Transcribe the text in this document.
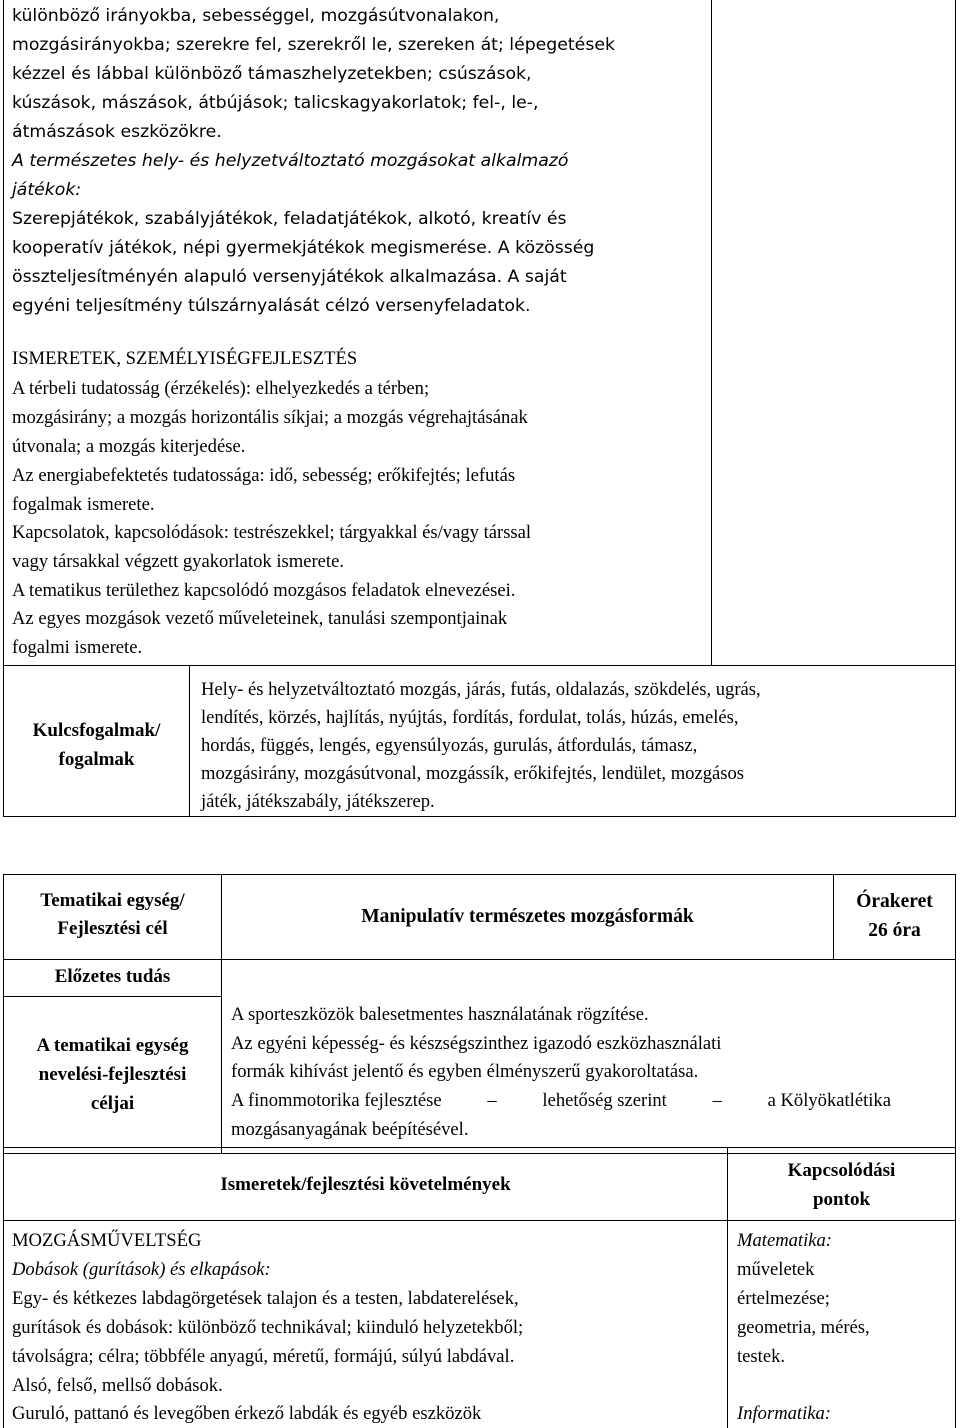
különböző irányokba, sebességgel, mozgásútvonalakon,
mozgásirányokba; szerekre fel, szerekről le, szereken át; lépegetések
kézzel és lábbal különböző támaszhelyzetekben; csúszások,
kúszások, mászások, átbújások; talicskagyakorlatok; fel-, le-,
átmászások eszközökre.
A természetes hely- és helyzetváltoztató mozgásokat alkalmazó
játékok:
Szerepjátékok, szabályjátékok, feladatjátékok, alkotó, kreatív és
kooperatív játékok, népi gyermekjátékok megismerése. A közösség
összteljesítményén alapuló versenyjátékok alkalmazása. A saját
egyéni teljesítmény túlszárnyalását célzó versenyfeladatok.
ISMERETEK, SZEMÉLYISÉGFEJLESZTÉS
A térbeli tudatosság (érzékelés): elhelyezkedés a térben;
mozgásirány; a mozgás horizontális síkjai; a mozgás végrehajtásának
útvonala; a mozgás kiterjedése.
Az energiabefektetés tudatossága: idő, sebesség; erőkifejtés; lefutás
fogalmak ismerete.
Kapcsolatok, kapcsolódások: testrészekkel; tárgyakkal és/vagy társsal
vagy társakkal végzett gyakorlatok ismerete.
A tematikus területhez kapcsolódó mozgásos feladatok elnevezései.
Az egyes mozgások vezető műveleteinek, tanulási szempontjainak
fogalmi ismerete.
Kulcsfogalmak/
fogalmak
Hely- és helyzetváltoztató mozgás, járás, futás, oldalazás, szökdelés, ugrás,
lendítés, körzés, hajlítás, nyújtás, fordítás, fordulat, tolás, húzás, emelés,
hordás, függés, lengés, egyensúlyozás, gurulás, átfordulás, támasz,
mozgásirány, mozgásútvonal, mozgássík, erőkifejtés, lendület, mozgásos
játék, játékszabály, játékszerep.
Tematikai egység/
Fejlesztési cél
Manipulatív természetes mozgásformák
Órakeret
26 óra
Előzetes tudás
A tematikai egység
nevelési-fejlesztési
céljai
A sporteszközök balesetmentes használatának rögzítése.
Az egyéni képesség- és készségszinthez igazodó eszközhasználati
formák kihívást jelentő és egyben élményszerű gyakoroltatása.
A finommotorika fejlesztése – lehetőség szerint – a Kölyökatlétika
mozgásanyagának beépítésével.
Ismeretek/fejlesztési követelmények
Kapcsolódási
pontok
MOZGÁSMŰVELTSÉG
Dobások (gurítások) és elkapások:
Egy- és kétkezes labdagörgetések talajon és a testen, labdaterelések,
gurítások és dobások: különböző technikával; kiinduló helyzetekből;
távolságra; célra; többféle anyagú, méretű, formájú, súlyú labdával.
Alsó, felső, mellső dobások.
Guruló, pattanó és levegőben érkező labdák és egyéb eszközök
Matematika:
műveletek
értelmezése;
geometria, mérés,
testek.
Informatika:
